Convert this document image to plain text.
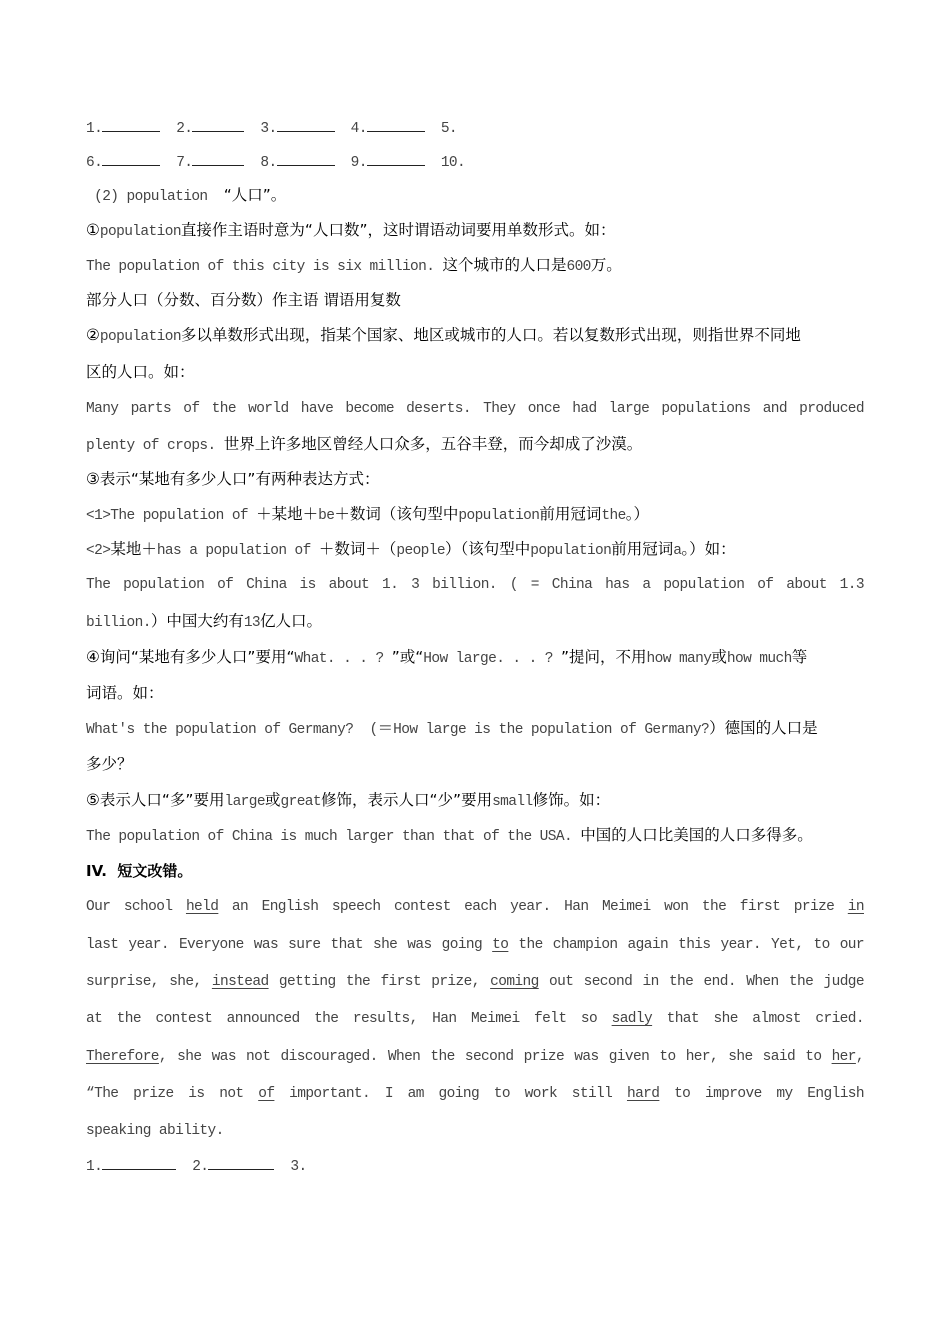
1.	2.	3.	4.	5.
6.	7.	8.	9.	10.
(2) population  “人口”。
①population直接作主语时意为“人口数”，这时谓语动词要用单数形式。如：
The population of this city is six million. 这个城市的人口是600万。
部分人口（分数、百分数）作主语 谓语用复数
②population多以单数形式出现，指某个国家、地区或城市的人口。若以复数形式出现，则指世界不同地
区的人口。如：
Many parts of the world have become deserts. They once had large populations and produced
plenty of crops. 世界上许多地区曾经人口众多，五谷丰登，而今却成了沙漠。
③表示“某地有多少人口”有两种表达方式：
<1>The population of ＋某地＋be＋数词（该句型中population前用冠词the。）
<2>某地＋has a population of ＋数词＋（people）（该句型中population前用冠词a。）如：
The population of China is about 1. 3 billion. ( = China has a population of about 1.3
billion.）中国大约有13亿人口。
④询问“某地有多少人口”要用“What. . . ? ”或“How large. . . ? ”提问，不用how many或how much等
词语。如：
What's the population of Germany?  (＝How large is the population of Germany?）德国的人口是
多少？
⑤表示人口“多”要用large或great修饰，表示人口“少”要用small修饰。如：
The population of China is much larger than that of the USA. 中国的人口比美国的人口多得多。
IV.  短文改错。
Our school held an English speech contest each year. Han Meimei won the first prize in
last year. Everyone was sure that she was going to the champion again this year. Yet, to our
surprise, she, instead getting the first prize, coming out second in the end. When the judge
at the contest announced the results, Han Meimei felt so sadly that she almost cried.
Therefore, she was not discouraged. When the second prize was given to her, she said to her,
“The prize is not of important. I am going to work still hard to improve my English
speaking ability.
1.	2.	3.
